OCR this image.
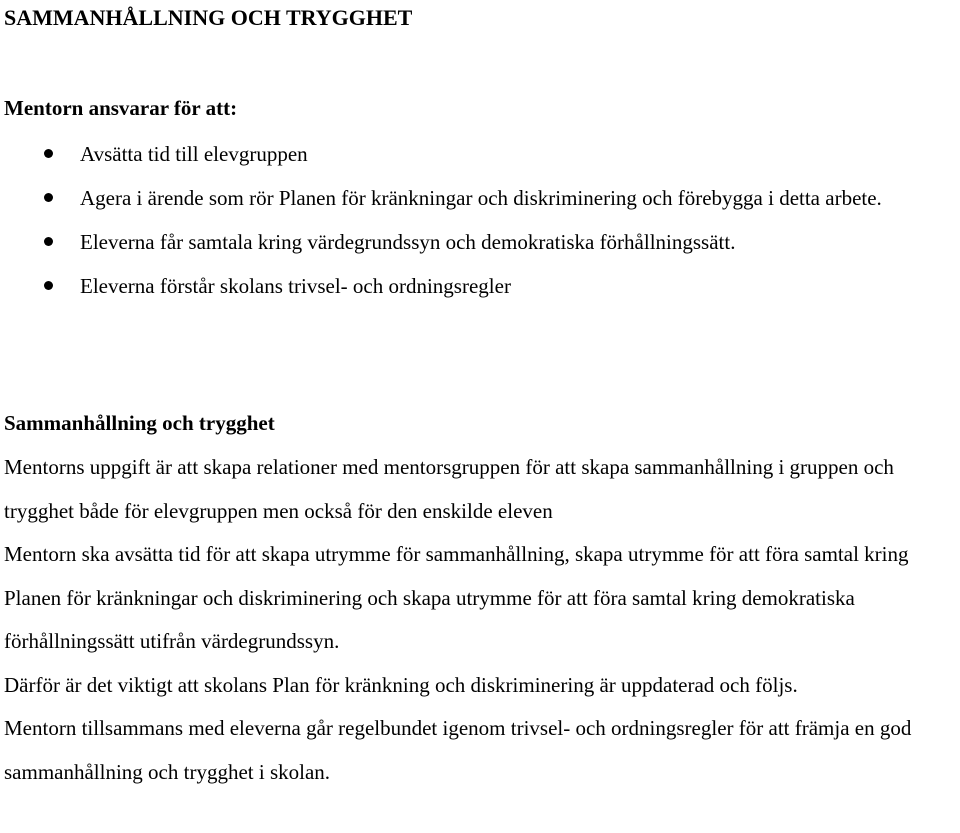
SAMMANHÅLLNING OCH TRYGGHET
Mentorn ansvarar för att:
Avsätta tid till elevgruppen
Agera i ärende som rör Planen för kränkningar och diskriminering och förebygga i detta arbete.
Eleverna får samtala kring värdegrundssyn och demokratiska förhållningssätt.
Eleverna förstår skolans trivsel- och ordningsregler
Sammanhållning och trygghet

Mentorns uppgift är att skapa relationer med mentorsgruppen för att skapa sammanhållning i gruppen och trygghet både för elevgruppen men också för den enskilde eleven

Mentorn ska avsätta tid för att skapa utrymme för sammanhållning, skapa utrymme för att föra samtal kring Planen för kränkningar och diskriminering och skapa utrymme för att föra samtal kring demokratiska förhållningssätt utifrån värdegrundssyn.

Därför är det viktigt att skolans Plan för kränkning och diskriminering är uppdaterad och följs.

Mentorn tillsammans med eleverna går regelbundet igenom trivsel- och ordningsregler för att främja en god sammanhållning och trygghet i skolan.
